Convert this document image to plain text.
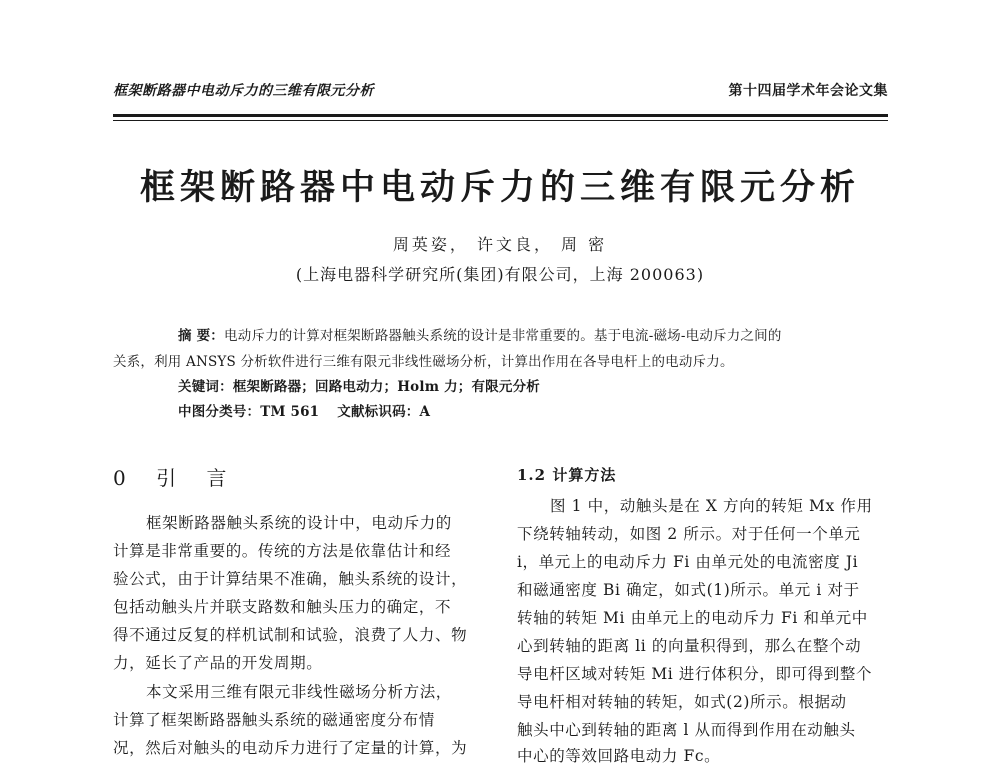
框架断路器中电动斥力的三维有限元分析	第十四届学术年会论文集
框架断路器中电动斥力的三维有限元分析
周英姿， 许文良， 周 密
(上海电器科学研究所(集团)有限公司，上海 200063)
摘 要：电动斥力的计算对框架断路器触头系统的设计是非常重要的。基于电流-磁场-电动斥力之间的
关系，利用 ANSYS 分析软件进行三维有限元非线性磁场分析，计算出作用在各导电杆上的电动斥力。
关键词：框架断路器；回路电动力；Holm 力；有限元分析
中图分类号：TM 561 文献标识码：A
0 引 言
框架断路器触头系统的设计中，电动斥力的
计算是非常重要的。传统的方法是依靠估计和经
验公式，由于计算结果不准确，触头系统的设计，
包括动触头片并联支路数和触头压力的确定，不
得不通过反复的样机试制和试验，浪费了人力、物
力，延长了产品的开发周期。
本文采用三维有限元非线性磁场分析方法，
计算了框架断路器触头系统的磁通密度分布情
况，然后对触头的电动斥力进行了定量的计算，为
1.2 计算方法
图 1 中，动触头是在 X 方向的转矩 Mx 作用
下绕转轴转动，如图 2 所示。对于任何一个单元
i，单元上的电动斥力 Fi 由单元处的电流密度 Ji
和磁通密度 Bi 确定，如式(1)所示。单元 i 对于
转轴的转矩 Mi 由单元上的电动斥力 Fi 和单元中
心到转轴的距离 li 的向量积得到，那么在整个动
导电杆区域对转矩 Mi 进行体积分，即可得到整个
导电杆相对转轴的转矩，如式(2)所示。根据动
触头中心到转轴的距离 l 从而得到作用在动触头
中心的等效回路电动力 Fc。
